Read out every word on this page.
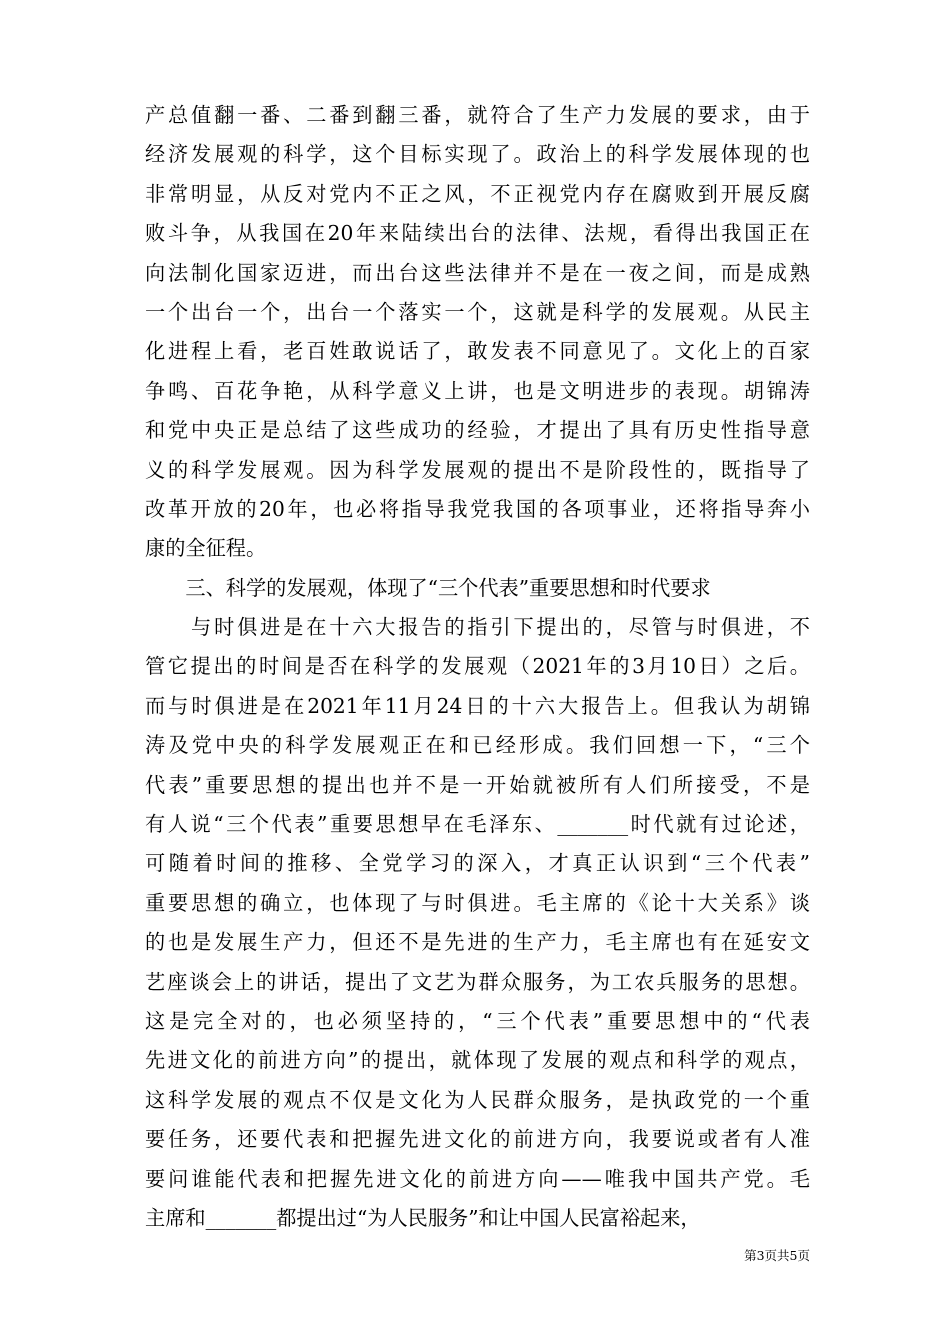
产总值翻一番、二番到翻三番，就符合了生产力发展的要求，由于
经济发展观的科学，这个目标实现了。政治上的科学发展体现的也
非常明显，从反对党内不正之风，不正视党内存在腐败到开展反腐
败斗争，从我国在20年来陆续出台的法律、法规，看得出我国正在
向法制化国家迈进，而出台这些法律并不是在一夜之间，而是成熟
一个出台一个，出台一个落实一个，这就是科学的发展观。从民主
化进程上看，老百姓敢说话了，敢发表不同意见了。文化上的百家
争鸣、百花争艳，从科学意义上讲，也是文明进步的表现。胡锦涛
和党中央正是总结了这些成功的经验，才提出了具有历史性指导意
义的科学发展观。因为科学发展观的提出不是阶段性的，既指导了
改革开放的20年，也必将指导我党我国的各项事业，还将指导奔小
康的全征程。
　　三、科学的发展观，体现了“三个代表”重要思想和时代要求
　　与时俱进是在十六大报告的指引下提出的，尽管与时俱进，不
管它提出的时间是否在科学的发展观（2021年的3月10日）之后。
而与时俱进是在2021年11月24日的十六大报告上。但我认为胡锦
涛及党中央的科学发展观正在和已经形成。我们回想一下，“三个
代表”重要思想的提出也并不是一开始就被所有人们所接受，不是
有人说“三个代表”重要思想早在毛泽东、_______时代就有过论述，
可随着时间的推移、全党学习的深入，才真正认识到“三个代表”
重要思想的确立，也体现了与时俱进。毛主席的《论十大关系》谈
的也是发展生产力，但还不是先进的生产力，毛主席也有在延安文
艺座谈会上的讲话，提出了文艺为群众服务，为工农兵服务的思想。
这是完全对的，也必须坚持的，“三个代表”重要思想中的“代表
先进文化的前进方向”的提出，就体现了发展的观点和科学的观点，
这科学发展的观点不仅是文化为人民群众服务，是执政党的一个重
要任务，还要代表和把握先进文化的前进方向，我要说或者有人准
要问谁能代表和把握先进文化的前进方向——唯我中国共产党。毛
主席和_______都提出过“为人民服务”和让中国人民富裕起来，
第3页共5页
